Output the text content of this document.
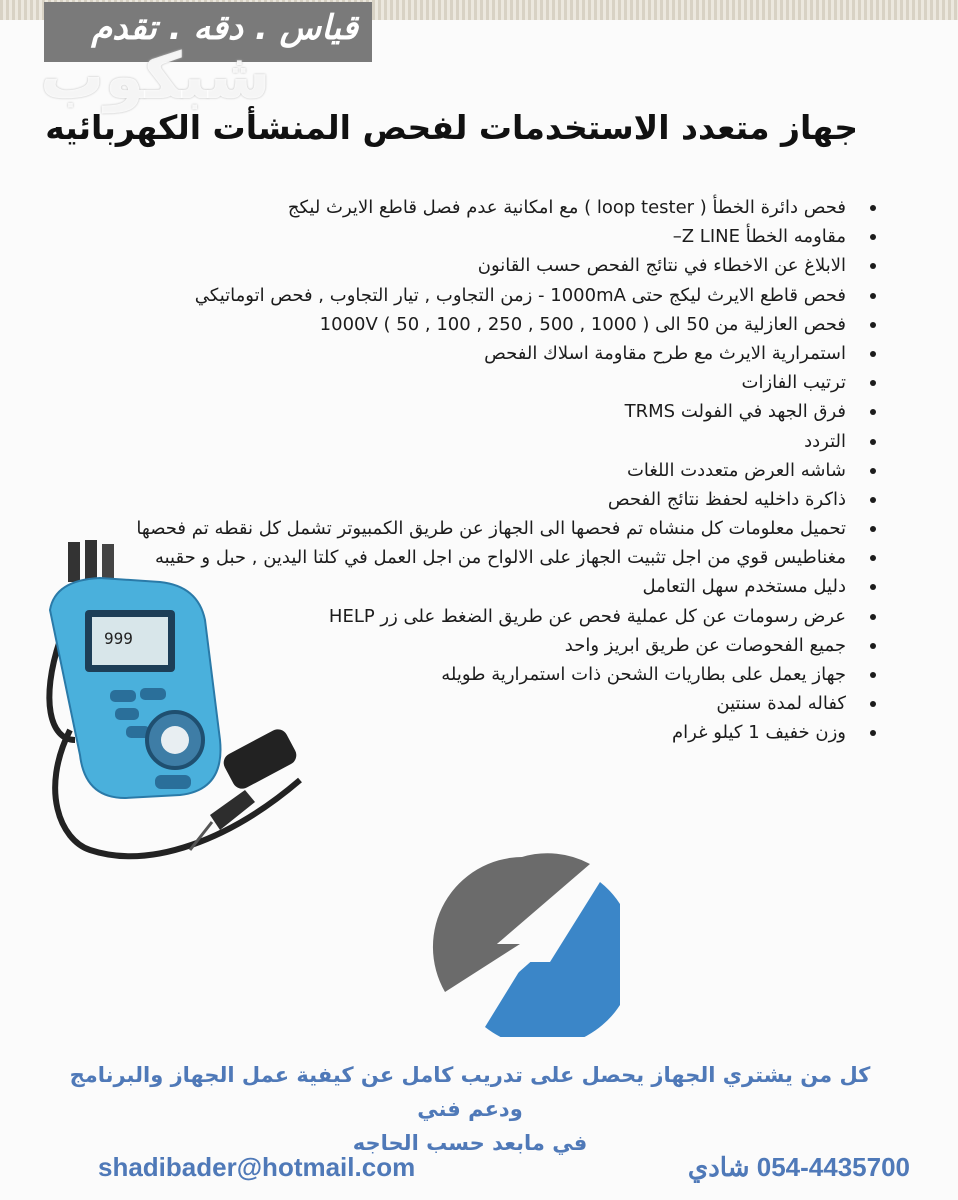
قياس . دقه . تقدم
شبكوب
جهاز متعدد الاستخدمات لفحص المنشأت الكهربائيه
فحص دائرة الخطأ ( loop tester ) مع امكانية عدم فصل قاطع الايرث ليكج
مقاومه الخطأ Z LINE–
الابلاغ عن الاخطاء في نتائج الفحص حسب القانون
فحص قاطع الايرث ليكج حتى 1000mA - زمن التجاوب , تيار التجاوب , فحص اتوماتيكي
فحص العازلية من 50 الى 1000V ( 50 , 100 , 250 , 500 , 1000 )
استمرارية الايرث مع طرح مقاومة اسلاك الفحص
ترتيب الفازات
فرق الجهد في الفولت TRMS
التردد
شاشه العرض متعددت اللغات
ذاكرة داخليه لحفظ نتائج الفحص
تحميل معلومات كل منشاه تم فحصها الى الجهاز عن طريق الكمبيوتر تشمل كل نقطه تم فحصها
مغناطيس قوي من اجل تثبيت الجهاز على الالواح من اجل العمل في كلتا اليدين , حبل و حقيبه
دليل مستخدم سهل التعامل
عرض رسومات عن كل عملية فحص عن طريق الضغط على زر HELP
جميع الفحوصات عن طريق ابريز واحد
جهاز يعمل على بطاريات الشحن ذات استمرارية طويله
كفاله لمدة سنتين
وزن خفيف 1 كيلو غرام
999
كل من يشتري الجهاز يحصل على تدريب كامل عن كيفية عمل الجهاز والبرنامج ودعم فني
في مابعد حسب الحاجه
shadibader@hotmail.com	054-4435700 شادي
